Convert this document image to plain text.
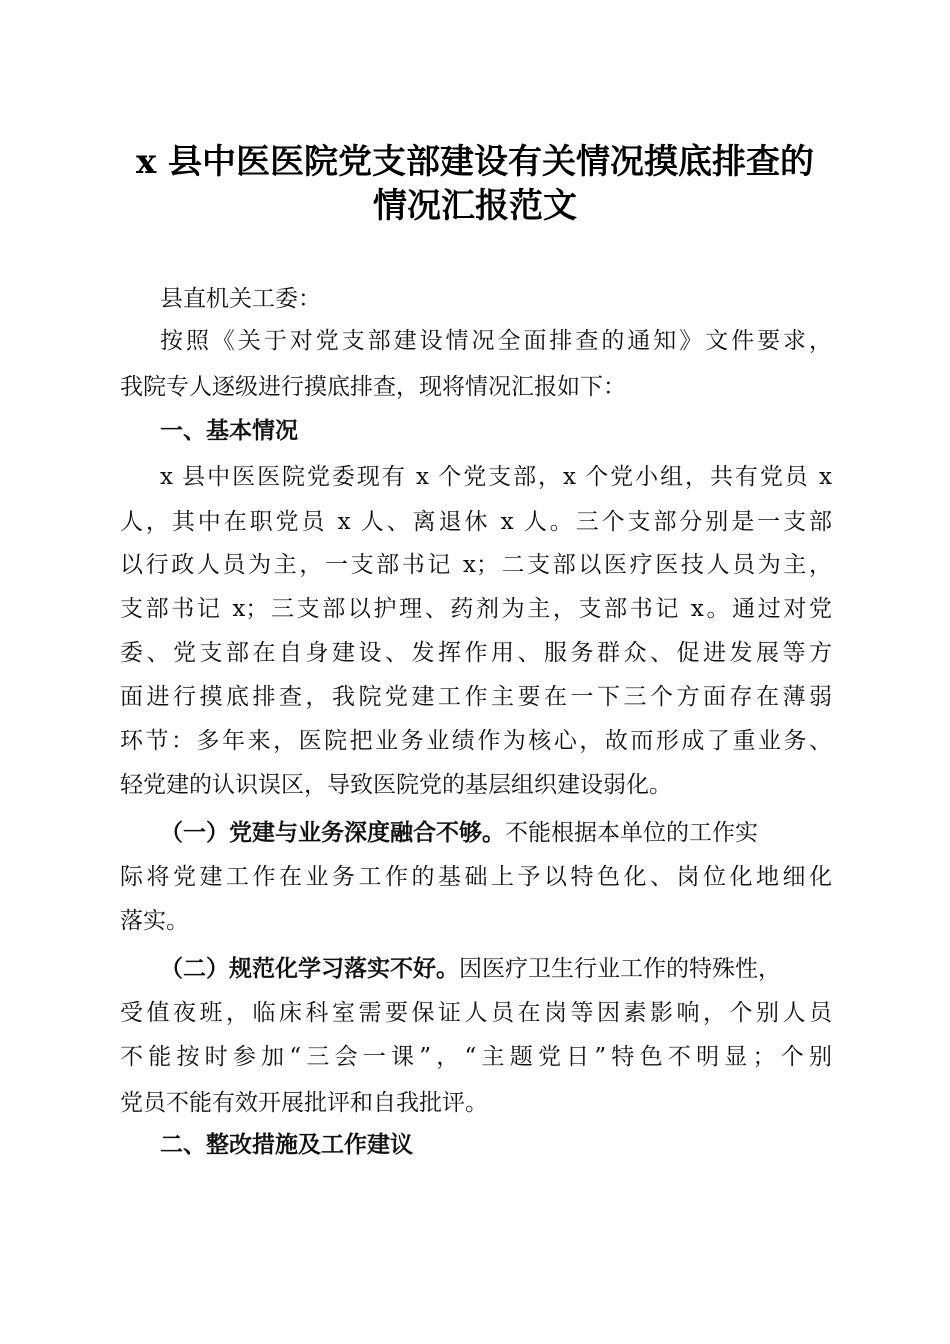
x 县中医医院党支部建设有关情况摸底排查的
情况汇报范文
县直机关工委：
按照《关于对党支部建设情况全面排查的通知》文件要求，
我院专人逐级进行摸底排查，现将情况汇报如下：
一、基本情况
x 县中医医院党委现有 x 个党支部，x 个党小组，共有党员 x
人，其中在职党员 x 人、离退休 x 人。三个支部分别是一支部
以行政人员为主，一支部书记 x；二支部以医疗医技人员为主，
支部书记 x；三支部以护理、药剂为主，支部书记 x。通过对党
委、党支部在自身建设、发挥作用、服务群众、促进发展等方
面进行摸底排查，我院党建工作主要在一下三个方面存在薄弱
环节：多年来，医院把业务业绩作为核心，故而形成了重业务、
轻党建的认识误区，导致医院党的基层组织建设弱化。
（一）党建与业务深度融合不够。不能根据本单位的工作实
际将党建工作在业务工作的基础上予以特色化、岗位化地细化
落实。
（二）规范化学习落实不好。因医疗卫生行业工作的特殊性，
受值夜班，临床科室需要保证人员在岗等因素影响，个别人员
不能按时参加“三会一课”，“主题党日”特色不明显；个别
党员不能有效开展批评和自我批评。
二、整改措施及工作建议
